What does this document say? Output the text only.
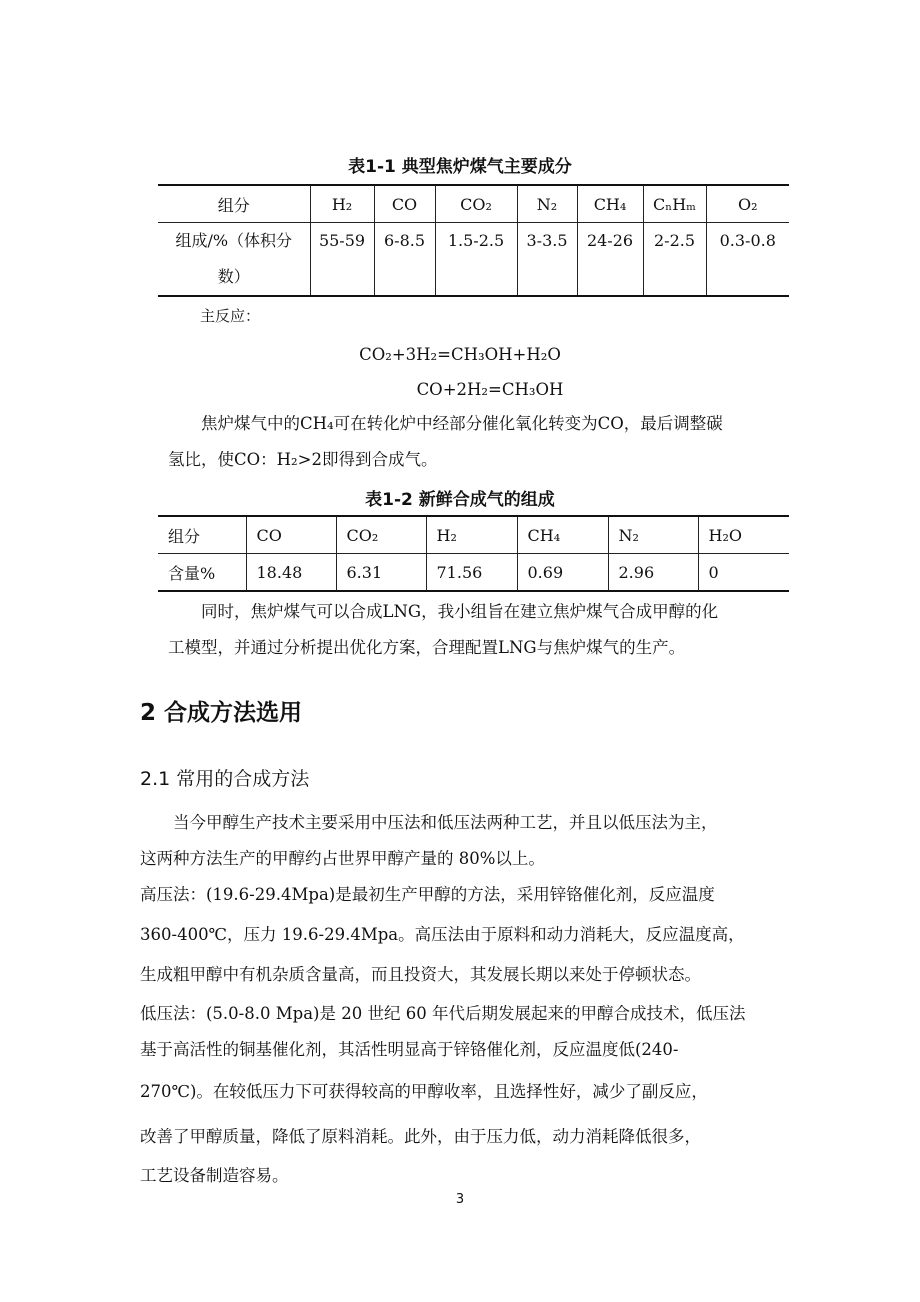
表1-1 典型焦炉煤气主要成分
组分	H₂	CO	CO₂	N₂	CH₄	CₙHₘ	O₂

组成/%（体积分
数）	55-59	6-8.5	1.5-2.5	3-3.5	24-26	2-2.5	0.3-0.8
主反应：
CO₂+3H₂=CH₃OH+H₂O
CO+2H₂=CH₃OH
焦炉煤气中的CH₄可在转化炉中经部分催化氧化转变为CO，最后调整碳
氢比，使CO：H₂>2即得到合成气。
表1-2 新鲜合成气的组成
组分	CO	CO₂	H₂	CH₄	N₂	H₂O
含量%	18.48	6.31	71.56	0.69	2.96	0
同时，焦炉煤气可以合成LNG，我小组旨在建立焦炉煤气合成甲醇的化
工模型，并通过分析提出优化方案，合理配置LNG与焦炉煤气的生产。
2 合成方法选用
2.1 常用的合成方法
当今甲醇生产技术主要采用中压法和低压法两种工艺，并且以低压法为主，
这两种方法生产的甲醇约占世界甲醇产量的 80%以上。
高压法：(19.6-29.4Mpa)是最初生产甲醇的方法，采用锌铬催化剂，反应温度
360-400℃，压力 19.6-29.4Mpa。高压法由于原料和动力消耗大，反应温度高，
生成粗甲醇中有机杂质含量高，而且投资大，其发展长期以来处于停顿状态。
低压法：(5.0-8.0 Mpa)是 20 世纪 60 年代后期发展起来的甲醇合成技术，低压法
基于高活性的铜基催化剂，其活性明显高于锌铬催化剂，反应温度低(240-
270℃)。在较低压力下可获得较高的甲醇收率，且选择性好，减少了副反应，
改善了甲醇质量，降低了原料消耗。此外，由于压力低，动力消耗降低很多，
工艺设备制造容易。
3
